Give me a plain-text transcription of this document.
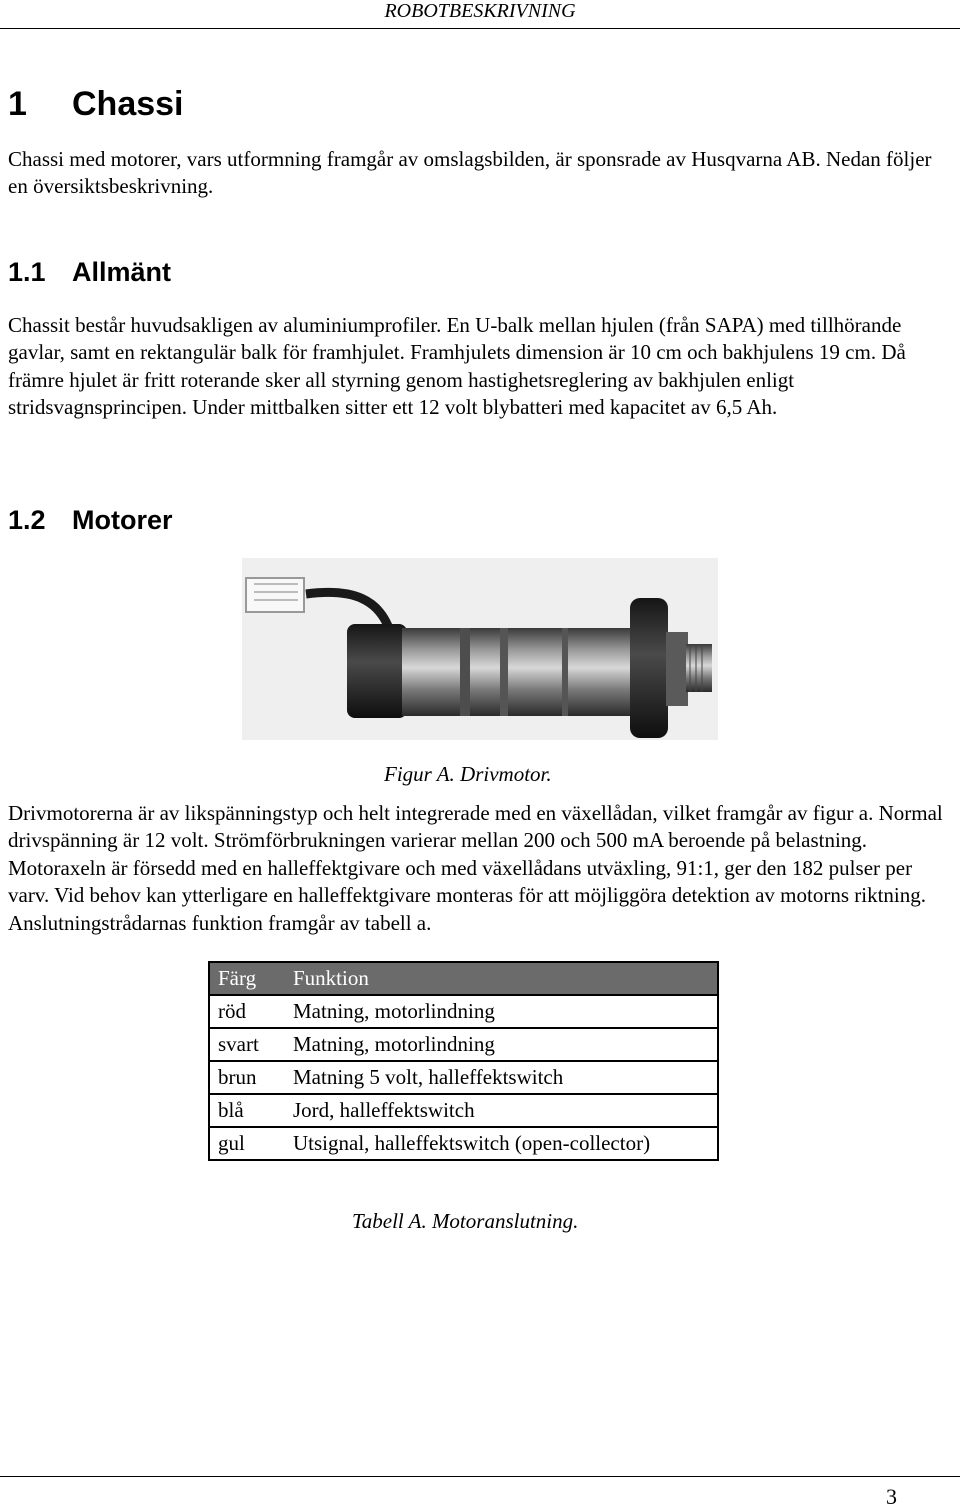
ROBOTBESKRIVNING
1 Chassi

Chassi med motorer, vars utformning framgår av omslagsbilden, är sponsrade av Husqvarna AB. Nedan följer en översiktsbeskrivning.

1.1 Allmänt

Chassit består huvudsakligen av aluminiumprofiler. En U-balk mellan hjulen (från SAPA) med tillhörande gavlar, samt en rektangulär balk för framhjulet. Framhjulets dimension är 10 cm och bakhjulens 19 cm. Då främre hjulet är fritt roterande sker all styrning genom hastighetsreglering av bakhjulen enligt stridsvagnsprincipen. Under mittbalken sitter ett 12 volt blybatteri med kapacitet av 6,5 Ah.

1.2 Motorer
Figur A. Drivmotor.

Drivmotorerna är av likspänningstyp och helt integrerade med en växellådan, vilket framgår av figur a. Normal drivspänning är 12 volt. Strömförbrukningen varierar mellan 200 och 500 mA beroende på belastning. Motoraxeln är försedd med en halleffektgivare och med växellådans utväxling, 91:1, ger den 182 pulser per varv. Vid behov kan ytterligare en halleffektgivare monteras för att möjliggöra detektion av motorns riktning. Anslutningstrådarnas funktion framgår av tabell a.

Färg	Funktion
röd	Matning, motorlindning
svart	Matning, motorlindning
brun	Matning 5 volt, halleffektswitch
blå	Jord, halleffektswitch
gul	Utsignal, halleffektswitch (open-collector)
Tabell A. Motoranslutning.
3
